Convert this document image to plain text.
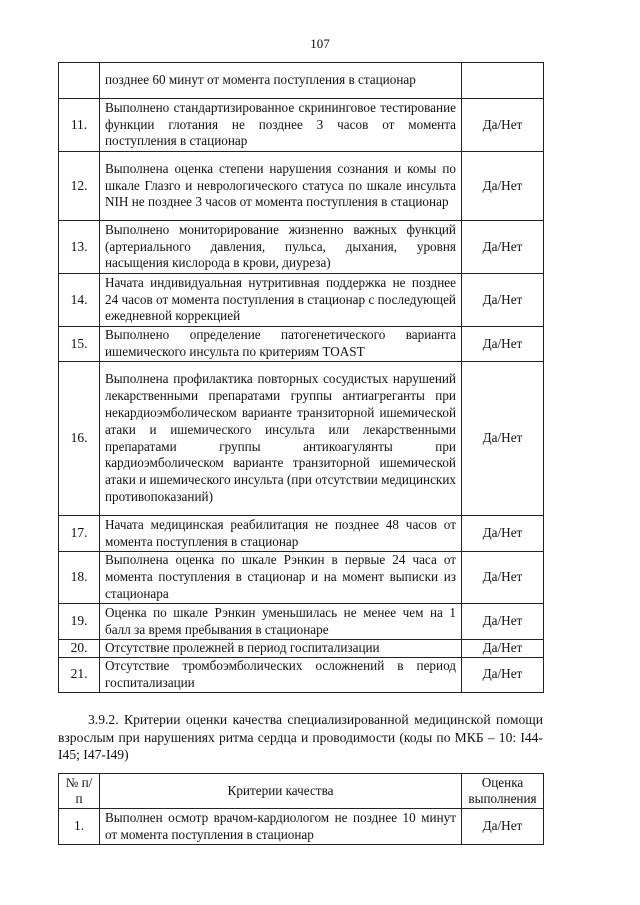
107
	позднее 60 минут от момента поступления в стационар	
11.	Выполнено стандартизированное скрининговое тестирование функции глотания не позднее 3 часов от момента поступления в стационар	Да/Нет
12.	Выполнена оценка степени нарушения сознания и комы по шкале Глазго и неврологического статуса по шкале инсульта NIH не позднее 3 часов от момента поступления в стационар	Да/Нет
13.	Выполнено мониторирование жизненно важных функций (артериального давления, пульса, дыхания, уровня насыщения кислорода в крови, диуреза)	Да/Нет
14.	Начата индивидуальная нутритивная поддержка не позднее 24 часов от момента поступления в стационар с последующей ежедневной коррекцией	Да/Нет
15.	Выполнено определение патогенетического варианта ишемического инсульта по критериям TOAST	Да/Нет
16.	Выполнена профилактика повторных сосудистых нарушений лекарственными препаратами группы антиагреганты при некардиоэмболическом варианте транзиторной ишемической атаки и ишемического инсульта или лекарственными препаратами группы антикоагулянты при кардиоэмболическом варианте транзиторной ишемической атаки и ишемического инсульта (при отсутствии медицинских противопоказаний)	Да/Нет
17.	Начата медицинская реабилитация не позднее 48 часов от момента поступления в стационар	Да/Нет
18.	Выполнена оценка по шкале Рэнкин в первые 24 часа от момента поступления в стационар и на момент выписки из стационара	Да/Нет
19.	Оценка по шкале Рэнкин уменьшилась не менее чем на 1 балл за время пребывания в стационаре	Да/Нет
20.	Отсутствие пролежней в период госпитализации	Да/Нет
21.	Отсутствие тромбоэмболических осложнений в период госпитализации	Да/Нет
3.9.2. Критерии оценки качества специализированной медицинской помощи взрослым при нарушениях ритма сердца и проводимости (коды по МКБ – 10: I44-I45; I47-I49)
№ п/п	Критерии качества	Оценка выполнения
1.	Выполнен осмотр врачом-кардиологом не позднее 10 минут от момента поступления в стационар	Да/Нет
